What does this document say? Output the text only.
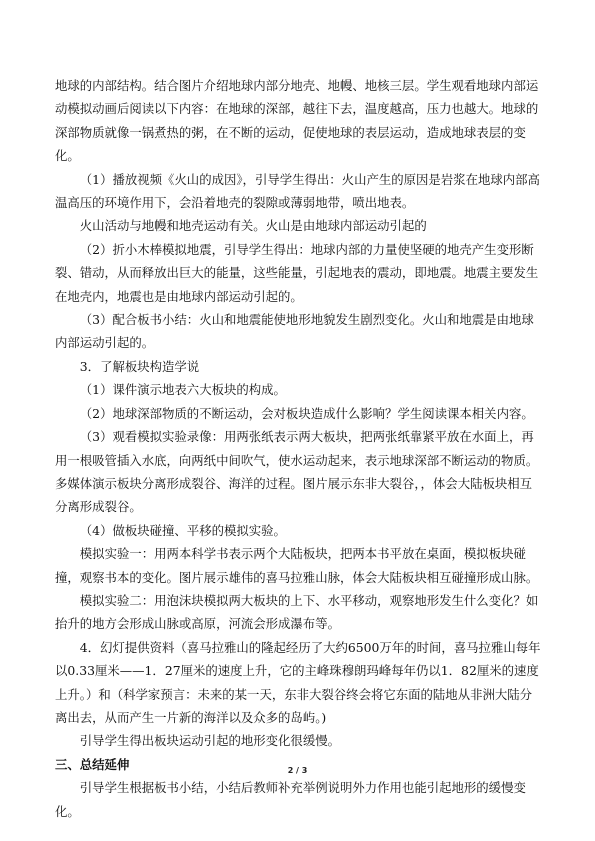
地球的内部结构。结合图片介绍地球内部分地壳、地幔、地核三层。学生观看地球内部运动模拟动画后阅读以下内容：在地球的深部，越往下去，温度越高，压力也越大。地球的深部物质就像一锅煮热的粥，在不断的运动，促使地球的表层运动，造成地球表层的变化。

（1）播放视频《火山的成因》，引导学生得出：火山产生的原因是岩浆在地球内部高温高压的环境作用下，会沿着地壳的裂隙或薄弱地带，喷出地表。

火山活动与地幔和地壳运动有关。火山是由地球内部运动引起的

（2）折小木棒模拟地震，引导学生得出：地球内部的力量使坚硬的地壳产生变形断裂、错动，从而释放出巨大的能量，这些能量，引起地表的震动，即地震。地震主要发生在地壳内，地震也是由地球内部运动引起的。

（3）配合板书小结：火山和地震能使地形地貌发生剧烈变化。火山和地震是由地球内部运动引起的。

3．了解板块构造学说

（1）课件演示地表六大板块的构成。

（2）地球深部物质的不断运动，会对板块造成什么影响？学生阅读课本相关内容。

（3）观看模拟实验录像：用两张纸表示两大板块，把两张纸靠紧平放在水面上，再用一根吸管插入水底，向两纸中间吹气，使水运动起来，表示地球深部不断运动的物质。多媒体演示板块分离形成裂谷、海洋的过程。图片展示东非大裂谷，，体会大陆板块相互分离形成裂谷。

（4）做板块碰撞、平移的模拟实验。

模拟实验一：用两本科学书表示两个大陆板块，把两本书平放在桌面，模拟板块碰撞，观察书本的变化。图片展示雄伟的喜马拉雅山脉，体会大陆板块相互碰撞形成山脉。

模拟实验二：用泡沫块模拟两大板块的上下、水平移动，观察地形发生什么变化？如抬升的地方会形成山脉或高原，河流会形成瀑布等。

4．幻灯提供资料（喜马拉雅山的隆起经历了大约6500万年的时间，喜马拉雅山每年以0.33厘米——1．27厘米的速度上升，它的主峰珠穆朗玛峰每年仍以1．82厘米的速度上升。）和（科学家预言：未来的某一天，东非大裂谷终会将它东面的陆地从非洲大陆分离出去，从而产生一片新的海洋以及众多的岛屿。)

引导学生得出板块运动引起的地形变化很缓慢。

三、总结延伸

引导学生根据板书小结，小结后教师补充举例说明外力作用也能引起地形的缓慢变化。

2 / 3
